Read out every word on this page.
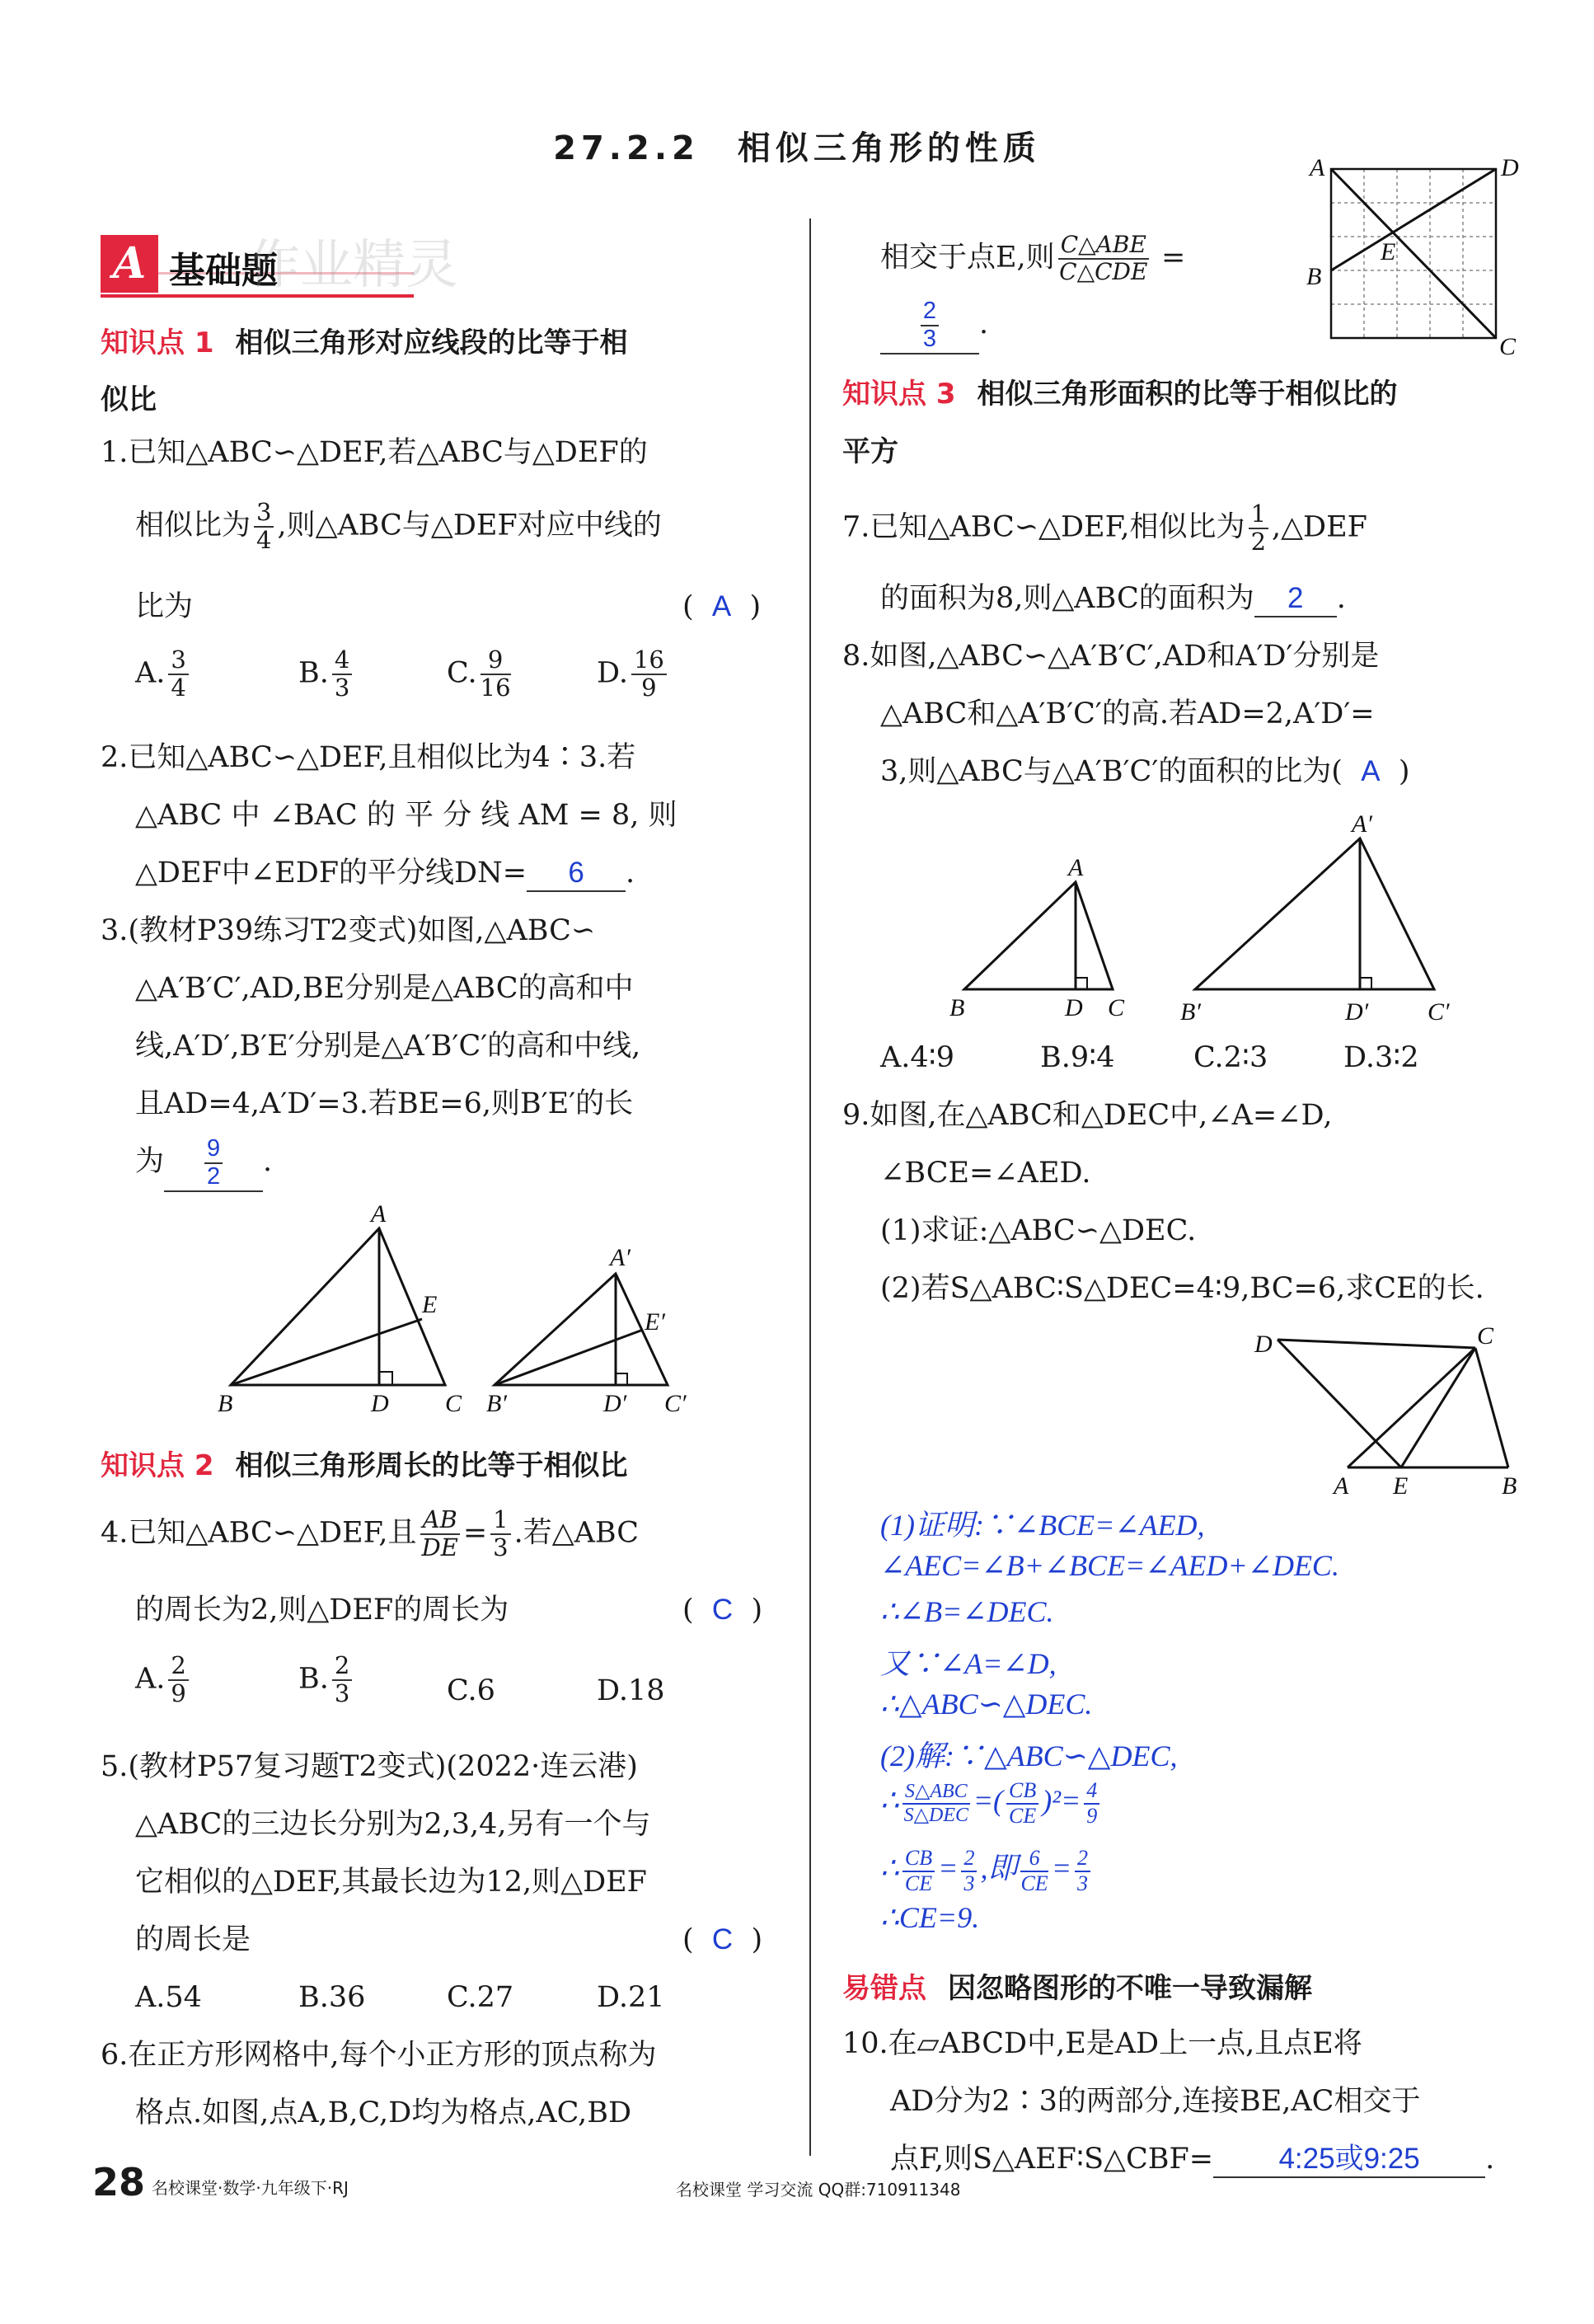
27.2.2　相似三角形的性质
A 基础题
作业精灵
知识点 1 相似三角形对应线段的比等于相
似比
1.已知△ABC∽△DEF,若△ABC与△DEF的
相似比为 $\frac{3}{4}$ ,则△ABC与△DEF对应中线的
比为	( A )
A. $\frac{3}{4}$	B. $\frac{4}{3}$	C. $\frac{9}{16}$	D. $\frac{16}{9}$
2.已知△ABC∽△DEF,且相似比为4∶3.若
△ABC 中 ∠BAC 的 平 分 线 AM = 8, 则
△DEF中∠EDF的平分线DN= 6 .
3.(教材P39练习T2变式)如图,△ABC∽
△A′B′C′,AD,BE分别是△ABC的高和中
线,A′D′,B′E′分别是△A′B′C′的高和中线,
且AD=4,A′D′=3.若BE=6,则B′E′的长
为 $\frac{9}{2}$ .
A
B	C
D
E
A′
B′	C′
D′
E′
知识点 2 相似三角形周长的比等于相似比
4.已知△ABC∽△DEF,且 $\frac{AB}{DE} = \frac{1}{3}$ .若△ABC
的周长为2,则△DEF的周长为	( C )
A. $\frac{2}{9}$	B. $\frac{2}{3}$	C.6	D.18
5.(教材P57复习题T2变式)(2022·连云港)
△ABC的三边长分别为2,3,4,另有一个与
它相似的△DEF,其最长边为12,则△DEF
的周长是	( C )
A.54	B.36	C.27	D.21
6.在正方形网格中,每个小正方形的顶点称为
格点.如图,点A,B,C,D均为格点,AC,BD
相交于点E,则 C△ABE
C△CDE =
$\frac{2}{3}$ .
A	D
B
C
E
知识点 3 相似三角形面积的比等于相似比的
平方
7.已知△ABC∽△DEF,相似比为 $\frac{1}{2}$ ,△DEF
的面积为8,则△ABC的面积为 2 .
8.如图,△ABC∽△A′B′C′,AD和A′D′分别是
△ABC和△A′B′C′的高.若AD=2,A′D′=
3,则△ABC与△A′B′C′的面积的比为( A )
A
B	C
D
A′
B′	C′
D′
A.4∶9	B.9∶4	C.2∶3	D.3∶2
9.如图,在△ABC和△DEC中,∠A=∠D,
∠BCE=∠AED.
(1)求证:△ABC∽△DEC.
(2)若S△ABC∶S△DEC=4∶9,BC=6,求CE的长.
D	C
A E	B
(1)证明:∵∠BCE=∠AED,
∠AEC=∠B+∠BCE=∠AED+∠DEC.
∴∠B=∠DEC.
又∵∠A=∠D,
∴△ABC∽△DEC.
(2)解:∵△ABC∽△DEC,
∴ S△ABC
S△DEC =( $\frac{CB}{CE} )^2= \frac{4}{9}$
∴ $\frac{CB}{CE} = \frac{2}{3}$ ,即 $\frac{6}{CE} = \frac{2}{3}$
∴CE=9.
易错点 因忽略图形的不唯一导致漏解
10.在▱ABCD中,E是AD上一点,且点E将
AD分为2∶3的两部分,连接BE,AC相交于
点F,则S△AEF∶S△CBF= 4:25或9:25 .
28 名校课堂·数学·九年级下·RJ	名校课堂 学习交流 QQ群:710911348
